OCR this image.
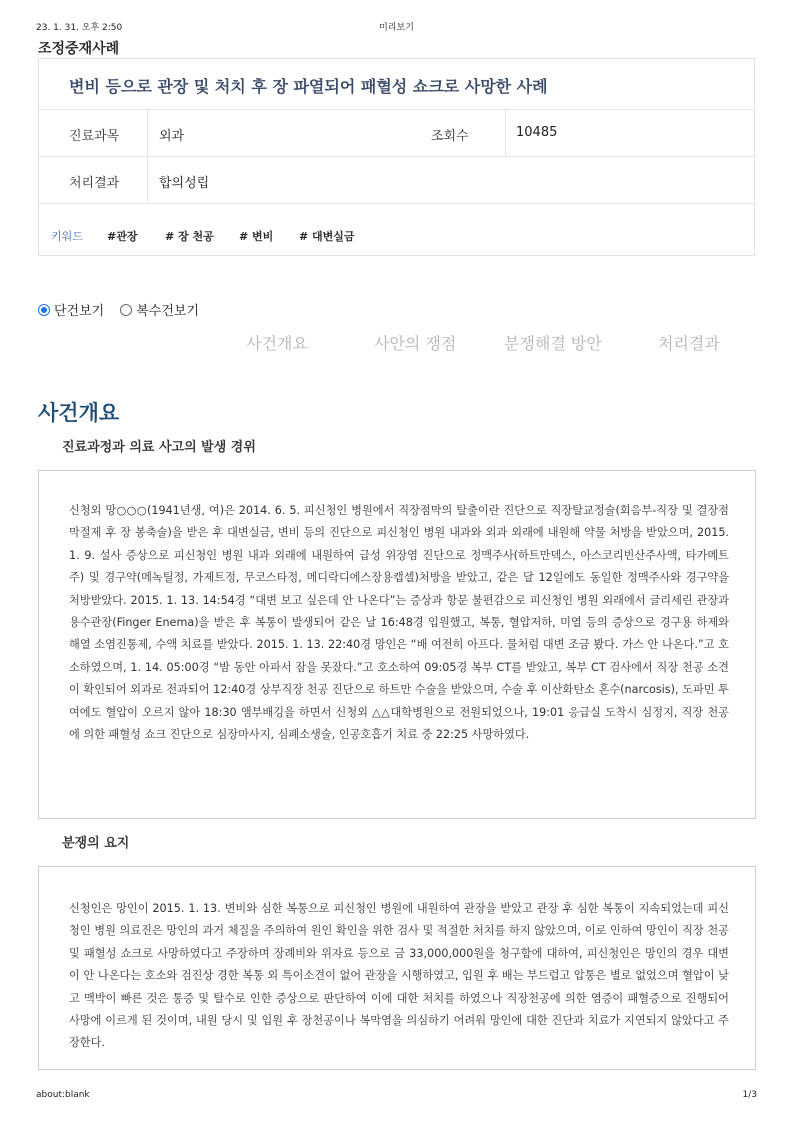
23. 1. 31. 오후 2:50	미리보기
조정중재사례
변비 등으로 관장 및 처치 후 장 파열되어 패혈성 쇼크로 사망한 사례
진료과목	외과	조회수	10485
처리결과	합의성립
키워드 #관장	# 장 천공 # 변비 # 대변실금
단건보기 복수건보기
사건개요	사안의 쟁점	분쟁해결 방안	처리결과
사건개요
진료과정과 의료 사고의 발생 경위

신청외 망○○○(1941년생, 여)은 2014. 6. 5. 피신청인 병원에서 직장점막의 탈출이란 진단으로 직장탈교정술(회음부-직장 및 결장점막절제 후 장 봉축술)을 받은 후 대변실금, 변비 등의 진단으로 피신청인 병원 내과와 외과 외래에 내원해 약물 처방을 받았으며, 2015. 1. 9. 설사 증상으로 피신청인 병원 내과 외래에 내원하여 급성 위장염 진단으로 정맥주사(하트만덱스, 아스코리빈산주사액, 타가메트 주) 및 경구약(메녹틸정, 가제트정, 무코스타정, 메디락디에스장용캡셀)처방을 받았고, 같은 달 12일에도 동일한 정맥주사와 경구약을 처방받았다. 2015. 1. 13. 14:54경 “대변 보고 싶은데 안 나온다”는 증상과 항문 불편감으로 피신청인 병원 외래에서 글리세린 관장과 용수관장(Finger Enema)을 받은 후 복통이 발생되어 같은 날 16:48경 입원했고, 복통, 혈압저하, 미열 등의 증상으로 경구용 하제와 해열 소염진통제, 수액 치료를 받았다. 2015. 1. 13. 22:40경 망인은 “배 여전히 아프다. 물처럼 대변 조금 봤다. 가스 안 나온다.”고 호소하였으며, 1. 14. 05:00경 “밤 동안 아파서 잠을 못잤다.”고 호소하여 09:05경 복부 CT를 받았고, 복부 CT 검사에서 직장 천공 소견이 확인되어 외과로 전과되어 12:40경 상부직장 천공 진단으로 하트만 수술을 받았으며, 수술 후 이산화탄소 혼수(narcosis), 도파민 투여에도 혈압이 오르지 않아 18:30 앰부배깅을 하면서 신청외 △△대학병원으로 전원되었으나, 19:01 응급실 도착시 심정지, 직장 천공에 의한 패혈성 쇼크 진단으로 심장마사지, 심폐소생술, 인공호흡기 치료 중 22:25 사망하였다.

분쟁의 요지

신청인은 망인이 2015. 1. 13. 변비와 심한 복통으로 피신청인 병원에 내원하여 관장을 받았고 관장 후 심한 복통이 지속되었는데 피신청인 병원 의료진은 망인의 과거 체질을 주의하여 원인 확인을 위한 검사 및 적절한 처치를 하지 않았으며, 이로 인하여 망인이 직장 천공 및 패혈성 쇼크로 사망하였다고 주장하며 장례비와 위자료 등으로 금 33,000,000원을 청구함에 대하여, 피신청인은 망인의 경우 대변이 안 나온다는 호소와 검진상 경한 복통 외 특이소견이 없어 관장을 시행하였고, 입원 후 배는 부드럽고 압통은 별로 없었으며 혈압이 낮고 맥박이 빠른 것은 통증 및 탈수로 인한 증상으로 판단하여 이에 대한 처치를 하였으나 직장천공에 의한 염증이 패혈증으로 진행되어 사망에 이르게 된 것이며, 내원 당시 및 입원 후 장천공이나 복막염을 의심하기 어려워 망인에 대한 진단과 치료가 지연되지 않았다고 주장한다.

about:blank	1/3
